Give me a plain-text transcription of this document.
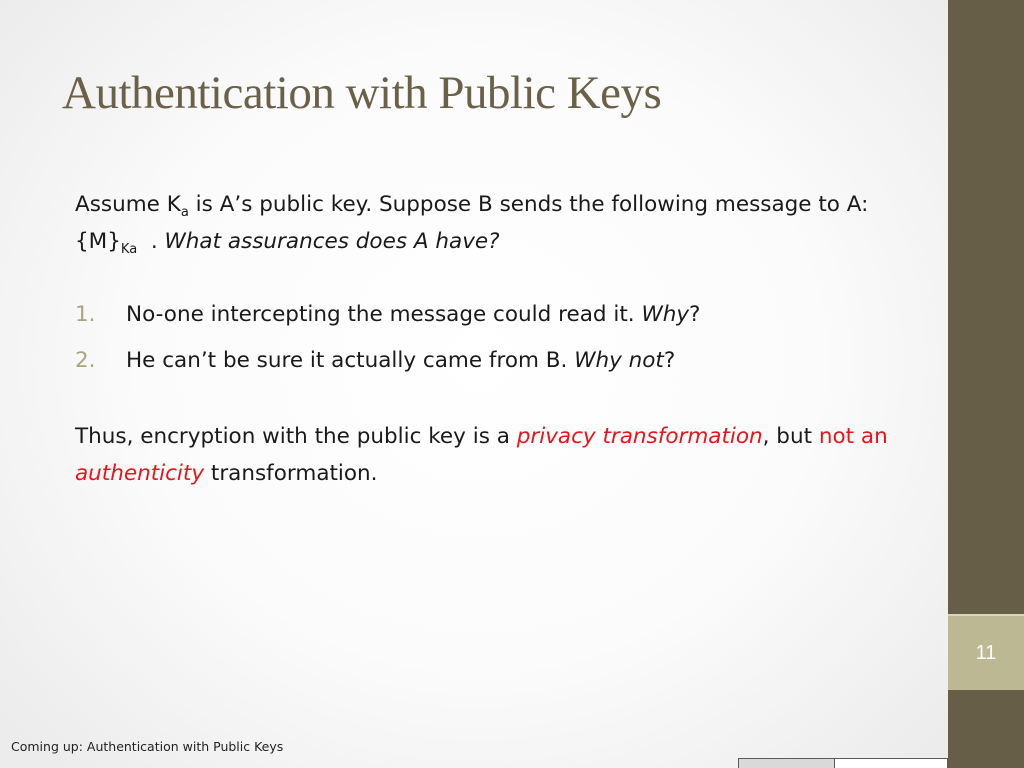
Authentication with Public Keys

Assume $K_a$ is A’s public key. Suppose B sends the following message to A: $\{M\}_{Ka}$  . What assurances does A have?

1. No-one intercepting the message could read it. Why?
2. He can’t be sure it actually came from B. Why not?

Thus, encryption with the public key is a privacy transformation, but not an authenticity transformation.

11
Coming up: Authentication with Public Keys
